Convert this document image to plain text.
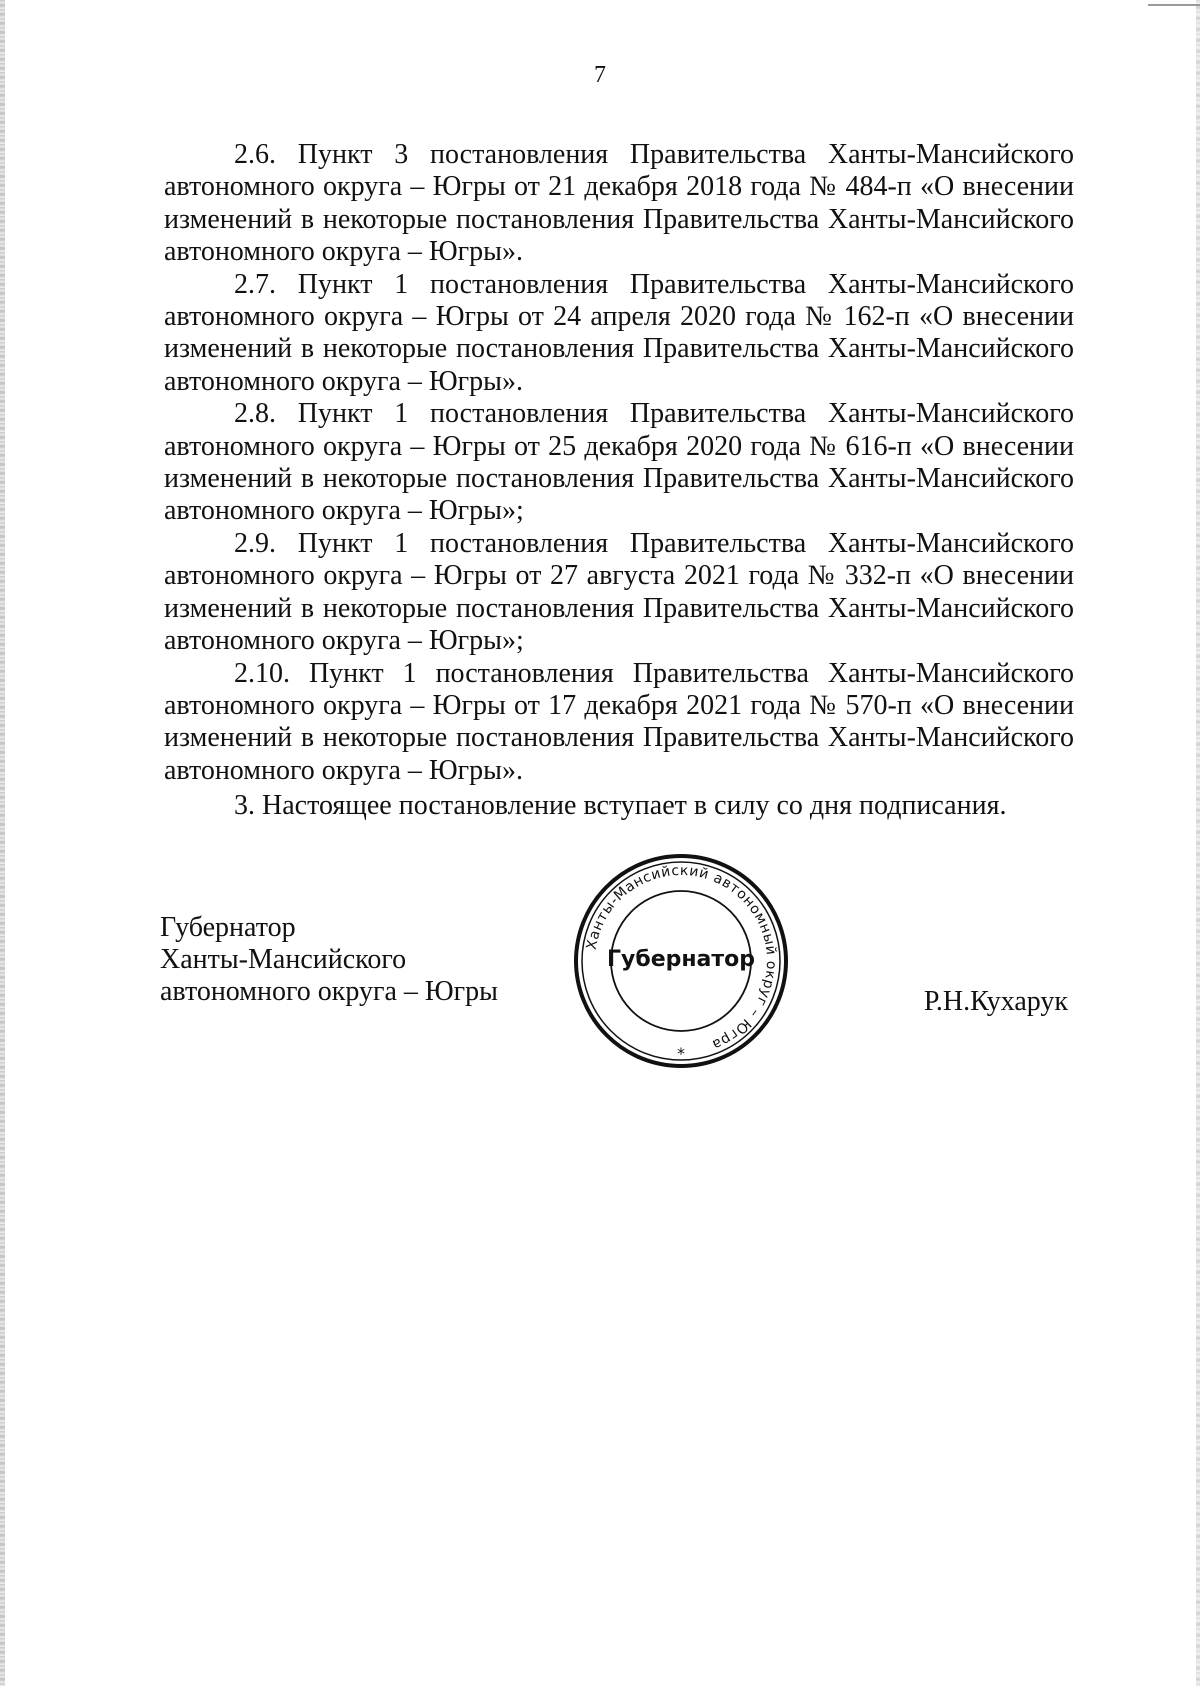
7

2.6. Пункт 3 постановления Правительства Ханты-Мансийского автономного округа – Югры от 21 декабря 2018 года № 484-п «О внесении изменений в некоторые постановления Правительства Ханты-Мансийского автономного округа – Югры».

2.7. Пункт 1 постановления Правительства Ханты-Мансийского автономного округа – Югры от 24 апреля 2020 года № 162-п «О внесении изменений в некоторые постановления Правительства Ханты-Мансийского автономного округа – Югры».

2.8. Пункт 1 постановления Правительства Ханты-Мансийского автономного округа – Югры от 25 декабря 2020 года № 616-п «О внесении изменений в некоторые постановления Правительства Ханты-Мансийского автономного округа – Югры»;

2.9. Пункт 1 постановления Правительства Ханты-Мансийского автономного округа – Югры от 27 августа 2021 года № 332-п «О внесении изменений в некоторые постановления Правительства Ханты-Мансийского автономного округа – Югры»;

2.10. Пункт 1 постановления Правительства Ханты-Мансийского автономного округа – Югры от 17 декабря 2021 года № 570-п «О внесении изменений в некоторые постановления Правительства Ханты-Мансийского автономного округа – Югры».

3. Настоящее постановление вступает в силу со дня подписания.

Губернатор
Ханты-Мансийского
автономного округа – Югры
Ханты-Мансийский автономный округ – Югра
Губернатор
*
Р.Н.Кухарук
